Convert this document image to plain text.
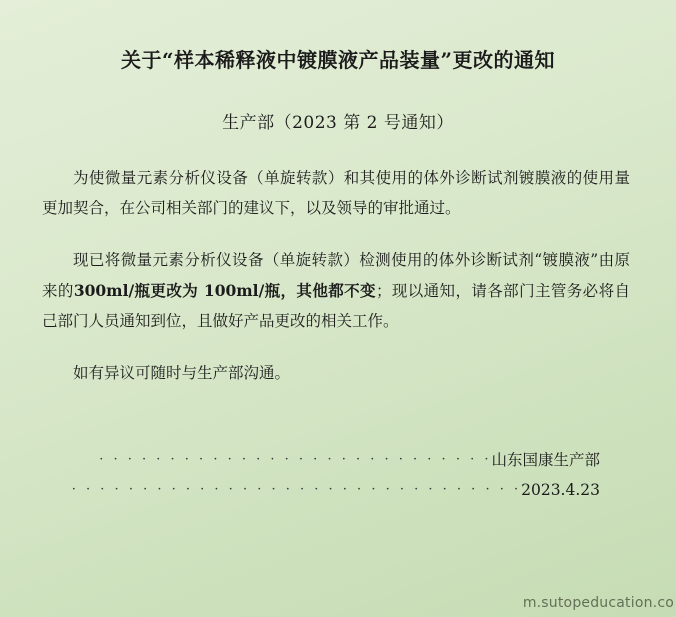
关于“样本稀释液中镀膜液产品装量”更改的通知
生产部（2023 第 2 号通知）

为使微量元素分析仪设备（单旋转款）和其使用的体外诊断试剂镀膜液的使用量更加契合，在公司相关部门的建议下，以及领导的审批通过。

现已将微量元素分析仪设备（单旋转款）检测使用的体外诊断试剂“镀膜液”由原来的300ml/瓶更改为 100ml/瓶，其他都不变；现以通知，请各部门主管务必将自己部门人员通知到位，且做好产品更改的相关工作。

如有异议可随时与生产部沟通。

· · · · · · · · · · · · · · · · · · · · · · · · · · · ·山东国康生产部
· · · · · · · · · · · · · · · · · · · · · · · · · · · · · · · ·2023.4.23
m.sutopeducation.co
